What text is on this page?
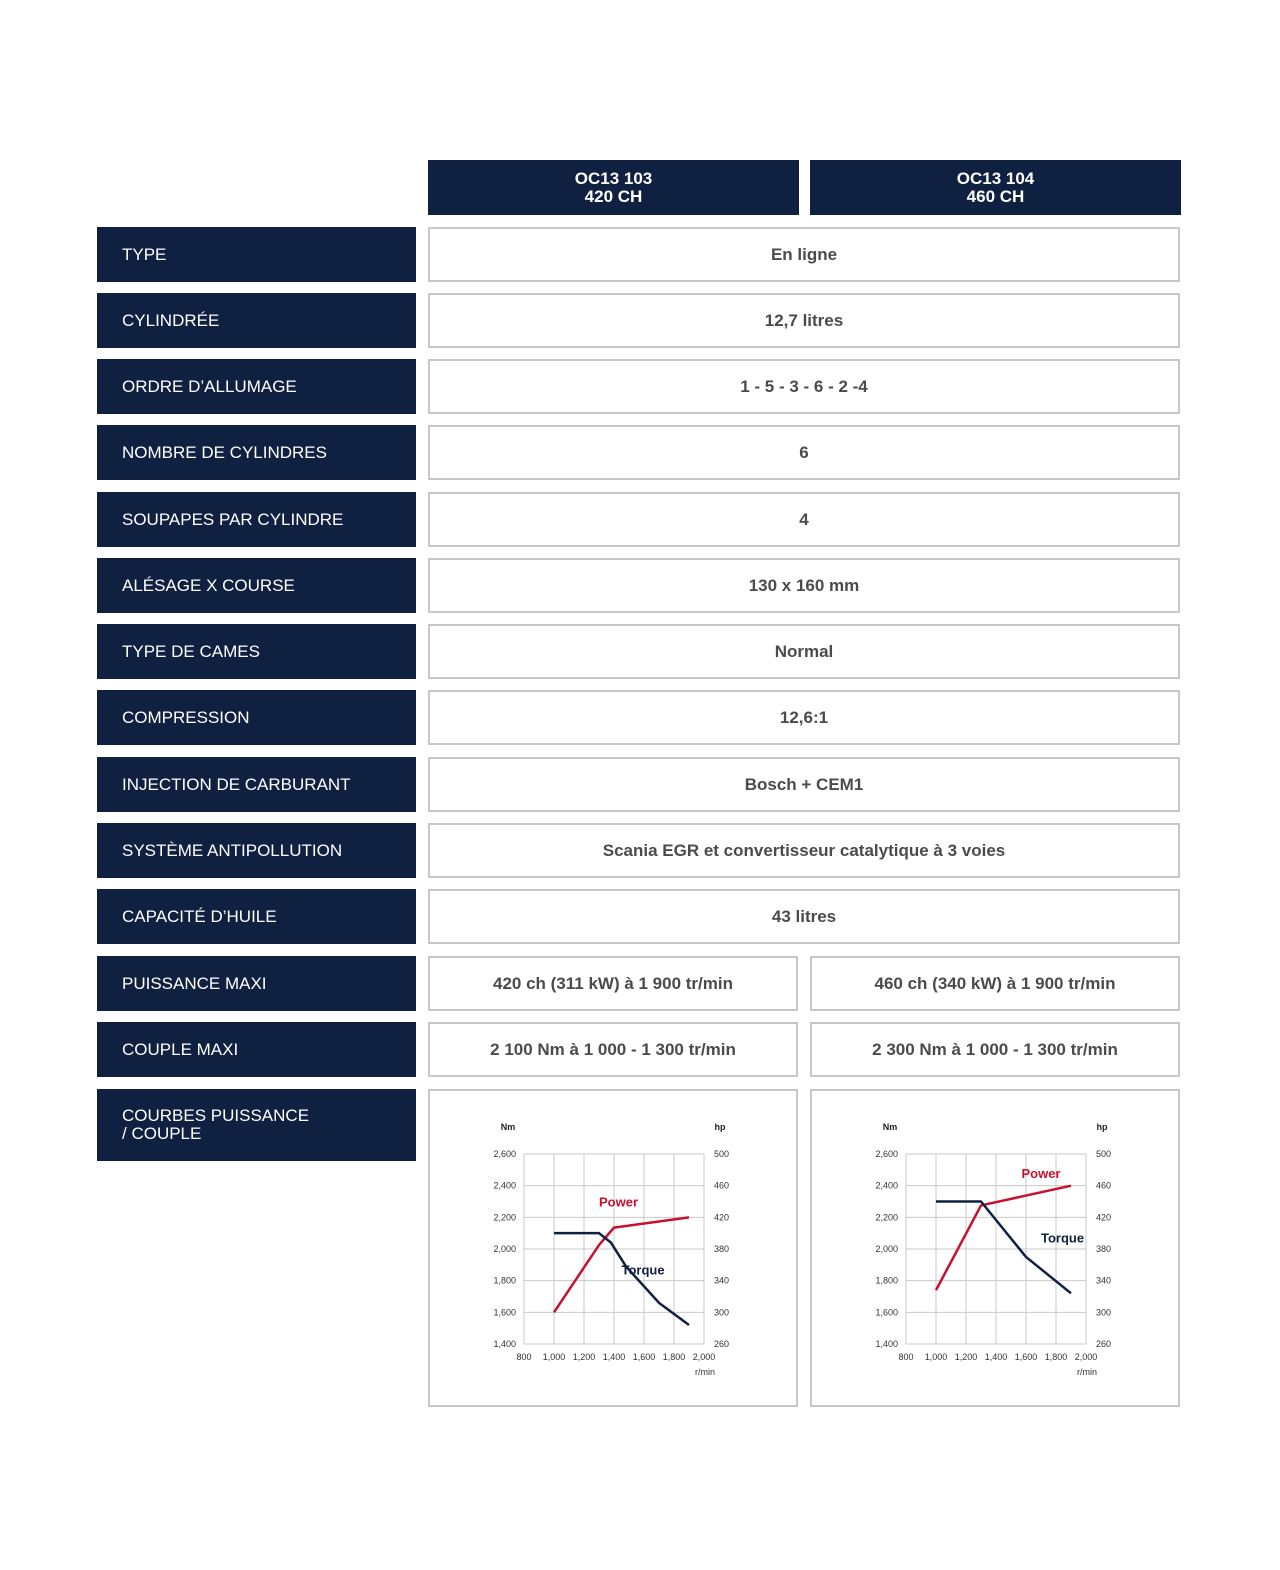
OC13 103
420 CH
OC13 104
460 CH
TYPE	En ligne
CYLINDRÉE	12,7 litres
ORDRE D’ALLUMAGE	1 - 5 - 3 - 6 - 2 -4
NOMBRE DE CYLINDRES	6
SOUPAPES PAR CYLINDRE	4
ALÉSAGE X COURSE	130 x 160 mm
TYPE DE CAMES	Normal
COMPRESSION	12,6:1
INJECTION DE CARBURANT	Bosch + CEM1
SYSTÈME ANTIPOLLUTION	Scania EGR et convertisseur catalytique à 3 voies
CAPACITÉ D’HUILE	43 litres
PUISSANCE MAXI	420 ch (311 kW) à 1 900 tr/min	460 ch (340 kW) à 1 900 tr/min
COUPLE MAXI	2 100 Nm à 1 000 - 1 300 tr/min	2 300 Nm à 1 000 - 1 300 tr/min
COURBES PUISSANCE
/ COUPLE
800 1,000 1,200 1,400 1,600 1,800 2,000
1,400
1,600
1,800
2,000
2,200
2,400
2,600
260
300
340
380
420
460
500
Nm	hp
r/min
Power
Torque
800 1,000 1,200 1,400 1,600 1,800 2,000
1,400
1,600
1,800
2,000
2,200
2,400
2,600
260
300
340
380
420
460
500
Nm	hp
r/min
Power
Torque
